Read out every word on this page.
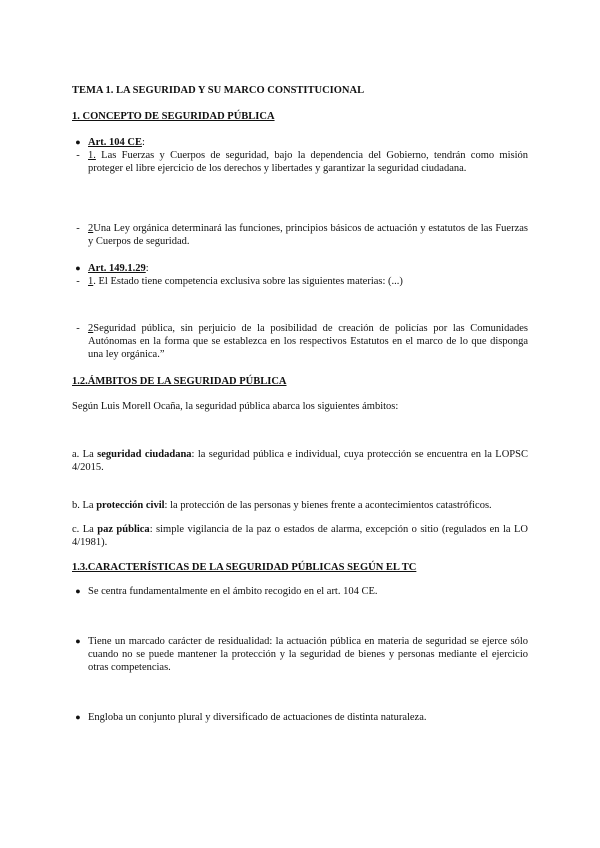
TEMA 1. LA SEGURIDAD Y SU MARCO CONSTITUCIONAL
1. CONCEPTO DE SEGURIDAD PÚBLICA
● Art. 104 CE:
- 1. Las Fuerzas y Cuerpos de seguridad, bajo la dependencia del Gobierno, tendrán como misión proteger el libre ejercicio de los derechos y libertades y garantizar la seguridad ciudadana.
- 2Una Ley orgánica determinará las funciones, principios básicos de actuación y estatutos de las Fuerzas y Cuerpos de seguridad.
● Art. 149.1.29:
- 1. El Estado tiene competencia exclusiva sobre las siguientes materias: (...)
- 2Seguridad pública, sin perjuicio de la posibilidad de creación de policías por las Comunidades Autónomas en la forma que se establezca en los respectivos Estatutos en el marco de lo que disponga una ley orgánica.”
1.2.ÁMBITOS DE LA SEGURIDAD PÚBLICA
Según Luis Morell Ocaña, la seguridad pública abarca los siguientes ámbitos:
a. La seguridad ciudadana: la seguridad pública e individual, cuya protección se encuentra en la LOPSC 4/2015.
b. La protección civil: la protección de las personas y bienes frente a acontecimientos catastróficos.
c. La paz pública: simple vigilancia de la paz o estados de alarma, excepción o sitio (regulados en la LO 4/1981).
1.3.CARACTERÍSTICAS DE LA SEGURIDAD PÚBLICAS SEGÚN EL TC
● Se centra fundamentalmente en el ámbito recogido en el art. 104 CE.
● Tiene un marcado carácter de residualidad: la actuación pública en materia de seguridad se ejerce sólo cuando no se puede mantener la protección y la seguridad de bienes y personas mediante el ejercicio otras competencias.
● Engloba un conjunto plural y diversificado de actuaciones de distinta naturaleza.
